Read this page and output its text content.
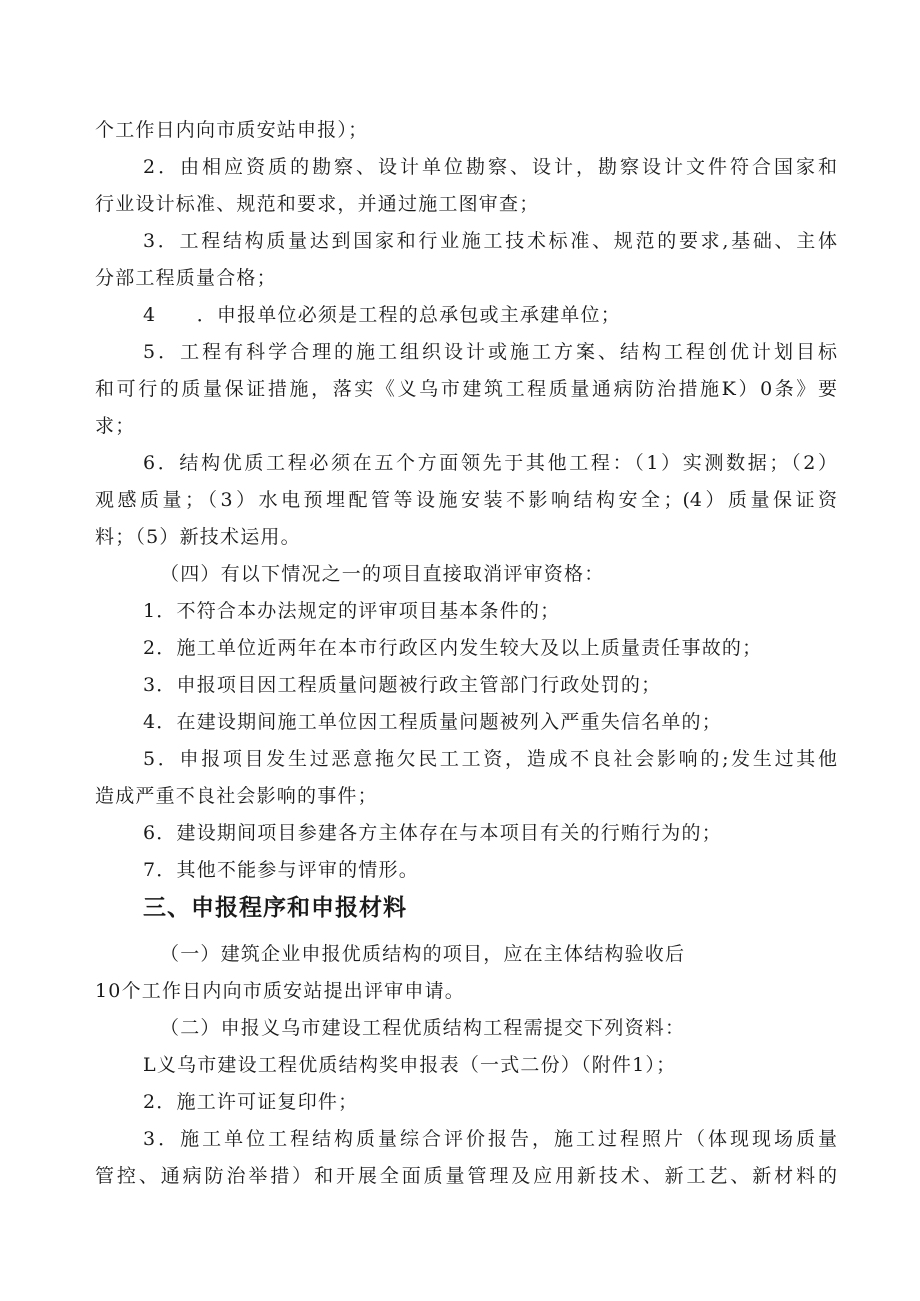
个工作日内向市质安站申报）；
2．由相应资质的勘察、设计单位勘察、设计，勘察设计文件符合国家和
行业设计标准、规范和要求，并通过施工图审查；
3．工程结构质量达到国家和行业施工技术标准、规范的要求,基础、主体
分部工程质量合格；
4　　．申报单位必须是工程的总承包或主承建单位；
5．工程有科学合理的施工组织设计或施工方案、结构工程创优计划目标
和可行的质量保证措施，落实《义乌市建筑工程质量通病防治措施K）0条》要
求；
6．结构优质工程必须在五个方面领先于其他工程：（1）实测数据；（2）
观感质量；（3）水电预埋配管等设施安装不影响结构安全；(4）质量保证资
料；（5）新技术运用。
（四）有以下情况之一的项目直接取消评审资格：
1．不符合本办法规定的评审项目基本条件的；
2．施工单位近两年在本市行政区内发生较大及以上质量责任事故的；
3．申报项目因工程质量问题被行政主管部门行政处罚的；
4．在建设期间施工单位因工程质量问题被列入严重失信名单的；
5．申报项目发生过恶意拖欠民工工资，造成不良社会影响的;发生过其他
造成严重不良社会影响的事件；
6．建设期间项目参建各方主体存在与本项目有关的行贿行为的；
7．其他不能参与评审的情形。
三、申报程序和申报材料
（一）建筑企业申报优质结构的项目，应在主体结构验收后
10个工作日内向市质安站提出评审申请。
（二）申报义乌市建设工程优质结构工程需提交下列资料：
L义乌市建设工程优质结构奖申报表（一式二份）（附件1）；
2．施工许可证复印件；
3．施工单位工程结构质量综合评价报告，施工过程照片（体现现场质量
管控、通病防治举措）和开展全面质量管理及应用新技术、新工艺、新材料的
